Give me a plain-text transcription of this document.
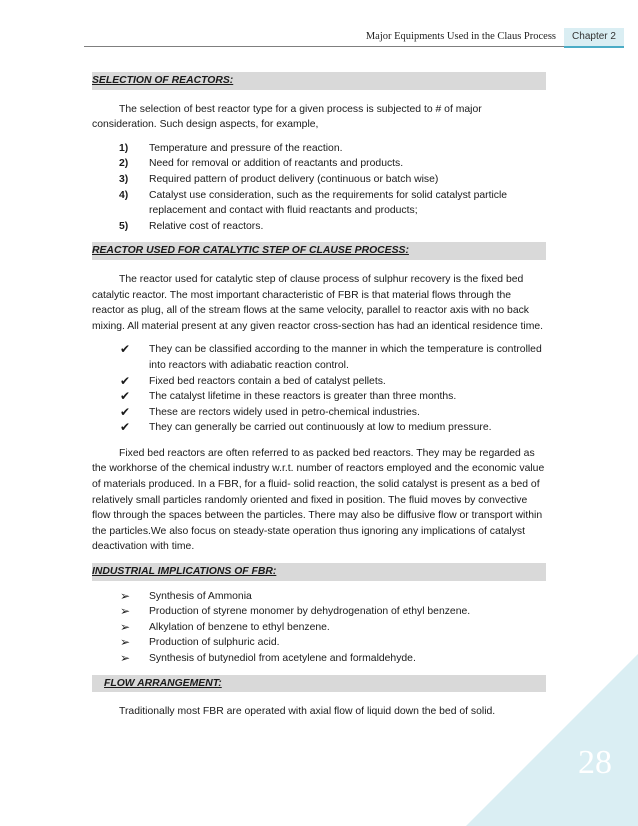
Major Equipments Used in the Claus Process	Chapter 2
SELECTION OF REACTORS:

The selection of best reactor type for a given process is subjected to # of major consideration. Such design aspects, for example,

1) Temperature and pressure of the reaction.
2) Need for removal or addition of reactants and products.
3) Required pattern of product delivery (continuous or batch wise)
4) Catalyst use consideration, such as the requirements for solid catalyst particle replacement and contact with fluid reactants and products;
5) Relative cost of reactors.
REACTOR USED FOR CATALYTIC STEP OF CLAUSE PROCESS:

The reactor used for catalytic step of clause process of sulphur recovery is the fixed bed catalytic reactor. The most important characteristic of FBR is that material flows through the reactor as plug, all of the stream flows at the same velocity, parallel to reactor axis with no back mixing. All material present at any given reactor cross-section has had an identical residence time.

✔ They can be classified according to the manner in which the temperature is controlled into reactors with adiabatic reaction control.
✔ Fixed bed reactors contain a bed of catalyst pellets.
✔ The catalyst lifetime in these reactors is greater than three months.
✔ These are rectors widely used in petro-chemical industries.
✔ They can generally be carried out continuously at low to medium pressure.

Fixed bed reactors are often referred to as packed bed reactors. They may be regarded as the workhorse of the chemical industry w.r.t. number of reactors employed and the economic value of materials produced. In a FBR, for a fluid- solid reaction, the solid catalyst is present as a bed of relatively small particles randomly oriented and fixed in position. The fluid moves by convective flow through the spaces between the particles. There may also be diffusive flow or transport within the particles.We also focus on steady-state operation thus ignoring any implications of catalyst deactivation with time.

INDUSTRIAL IMPLICATIONS OF FBR:
➢ Synthesis of Ammonia
➢ Production of styrene monomer by dehydrogenation of ethyl benzene.
➢ Alkylation of benzene to ethyl benzene.
➢ Production of sulphuric acid.
➢ Synthesis of butynediol from acetylene and formaldehyde.
FLOW ARRANGEMENT:

Traditionally most FBR are operated with axial flow of liquid down the bed of solid.

28
